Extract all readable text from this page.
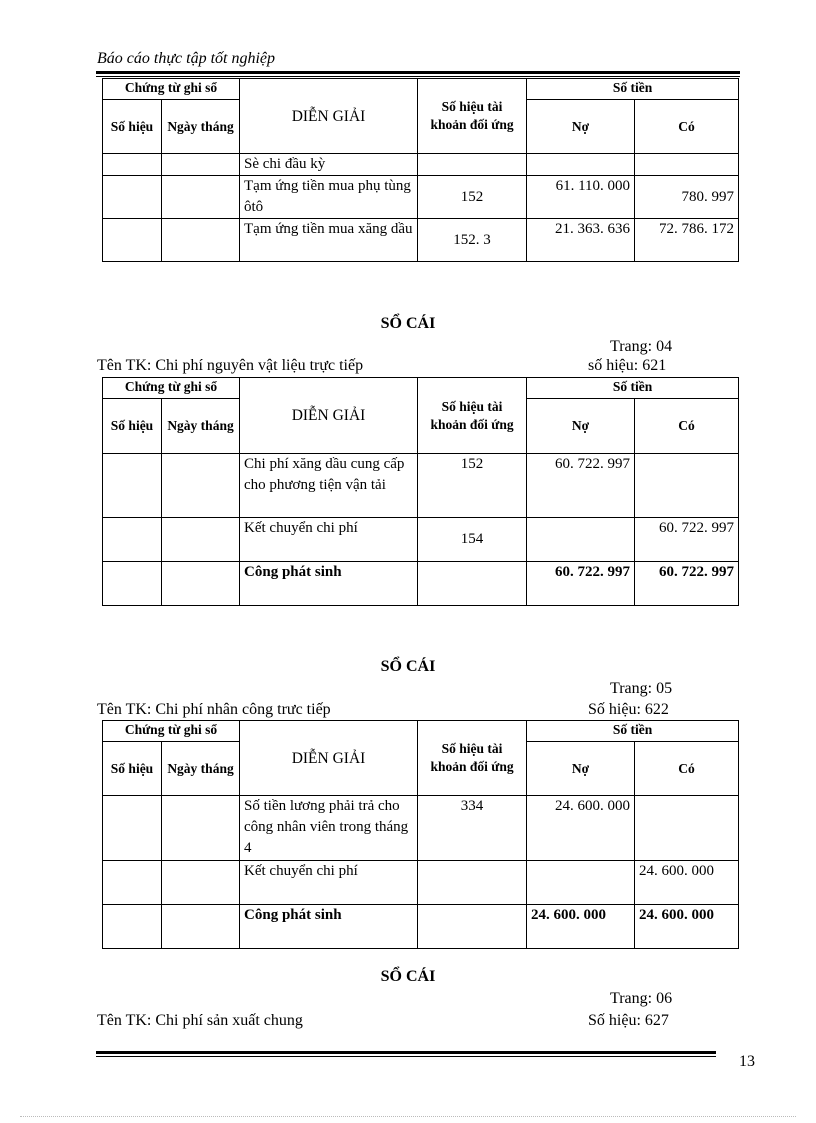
Báo cáo thực tập tốt nghiệp
Chứng từ ghi sổ		DIỄN GIẢI	Số hiệu tài khoản đối ứng	Số tiền	
Số hiệu	Ngày tháng			Nợ	Có
		Sè chi đầu kỳ			
		Tạm ứng tiền mua phụ tùng ôtô	152	61. 110. 000	780. 997
		Tạm ứng tiền mua xăng dầu	152. 3	21. 363. 636	72. 786. 172
SỔ CÁI
Trang: 04
Tên TK: Chi phí nguyên vật liệu trực tiếp	số hiệu: 621
Chứng từ ghi sổ		DIỄN GIẢI	Số hiệu tài khoản đối ứng	Số tiền	
Số hiệu	Ngày tháng			Nợ	Có
		Chi phí xăng dầu cung cấp cho phương tiện vận tải	152	60. 722. 997	
		Kết chuyển chi phí	154		60. 722. 997
		Công phát sinh		60. 722. 997	60. 722. 997
SỔ CÁI
Trang: 05
Tên TK: Chi phí nhân công trưc tiếp	Số hiệu: 622
Chứng từ ghi sổ		DIỄN GIẢI	Số hiệu tài khoản đối ứng	Số tiền	
Số hiệu	Ngày tháng			Nợ	Có
		Số tiền lương phải trả cho công nhân viên trong tháng 4	334	24. 600. 000	
		Kết chuyển chi phí			24. 600. 000
		Công phát sinh		24. 600. 000	24. 600. 000
SỔ CÁI
Trang: 06
Tên TK: Chi phí sản xuất chung	Số hiệu: 627
13
